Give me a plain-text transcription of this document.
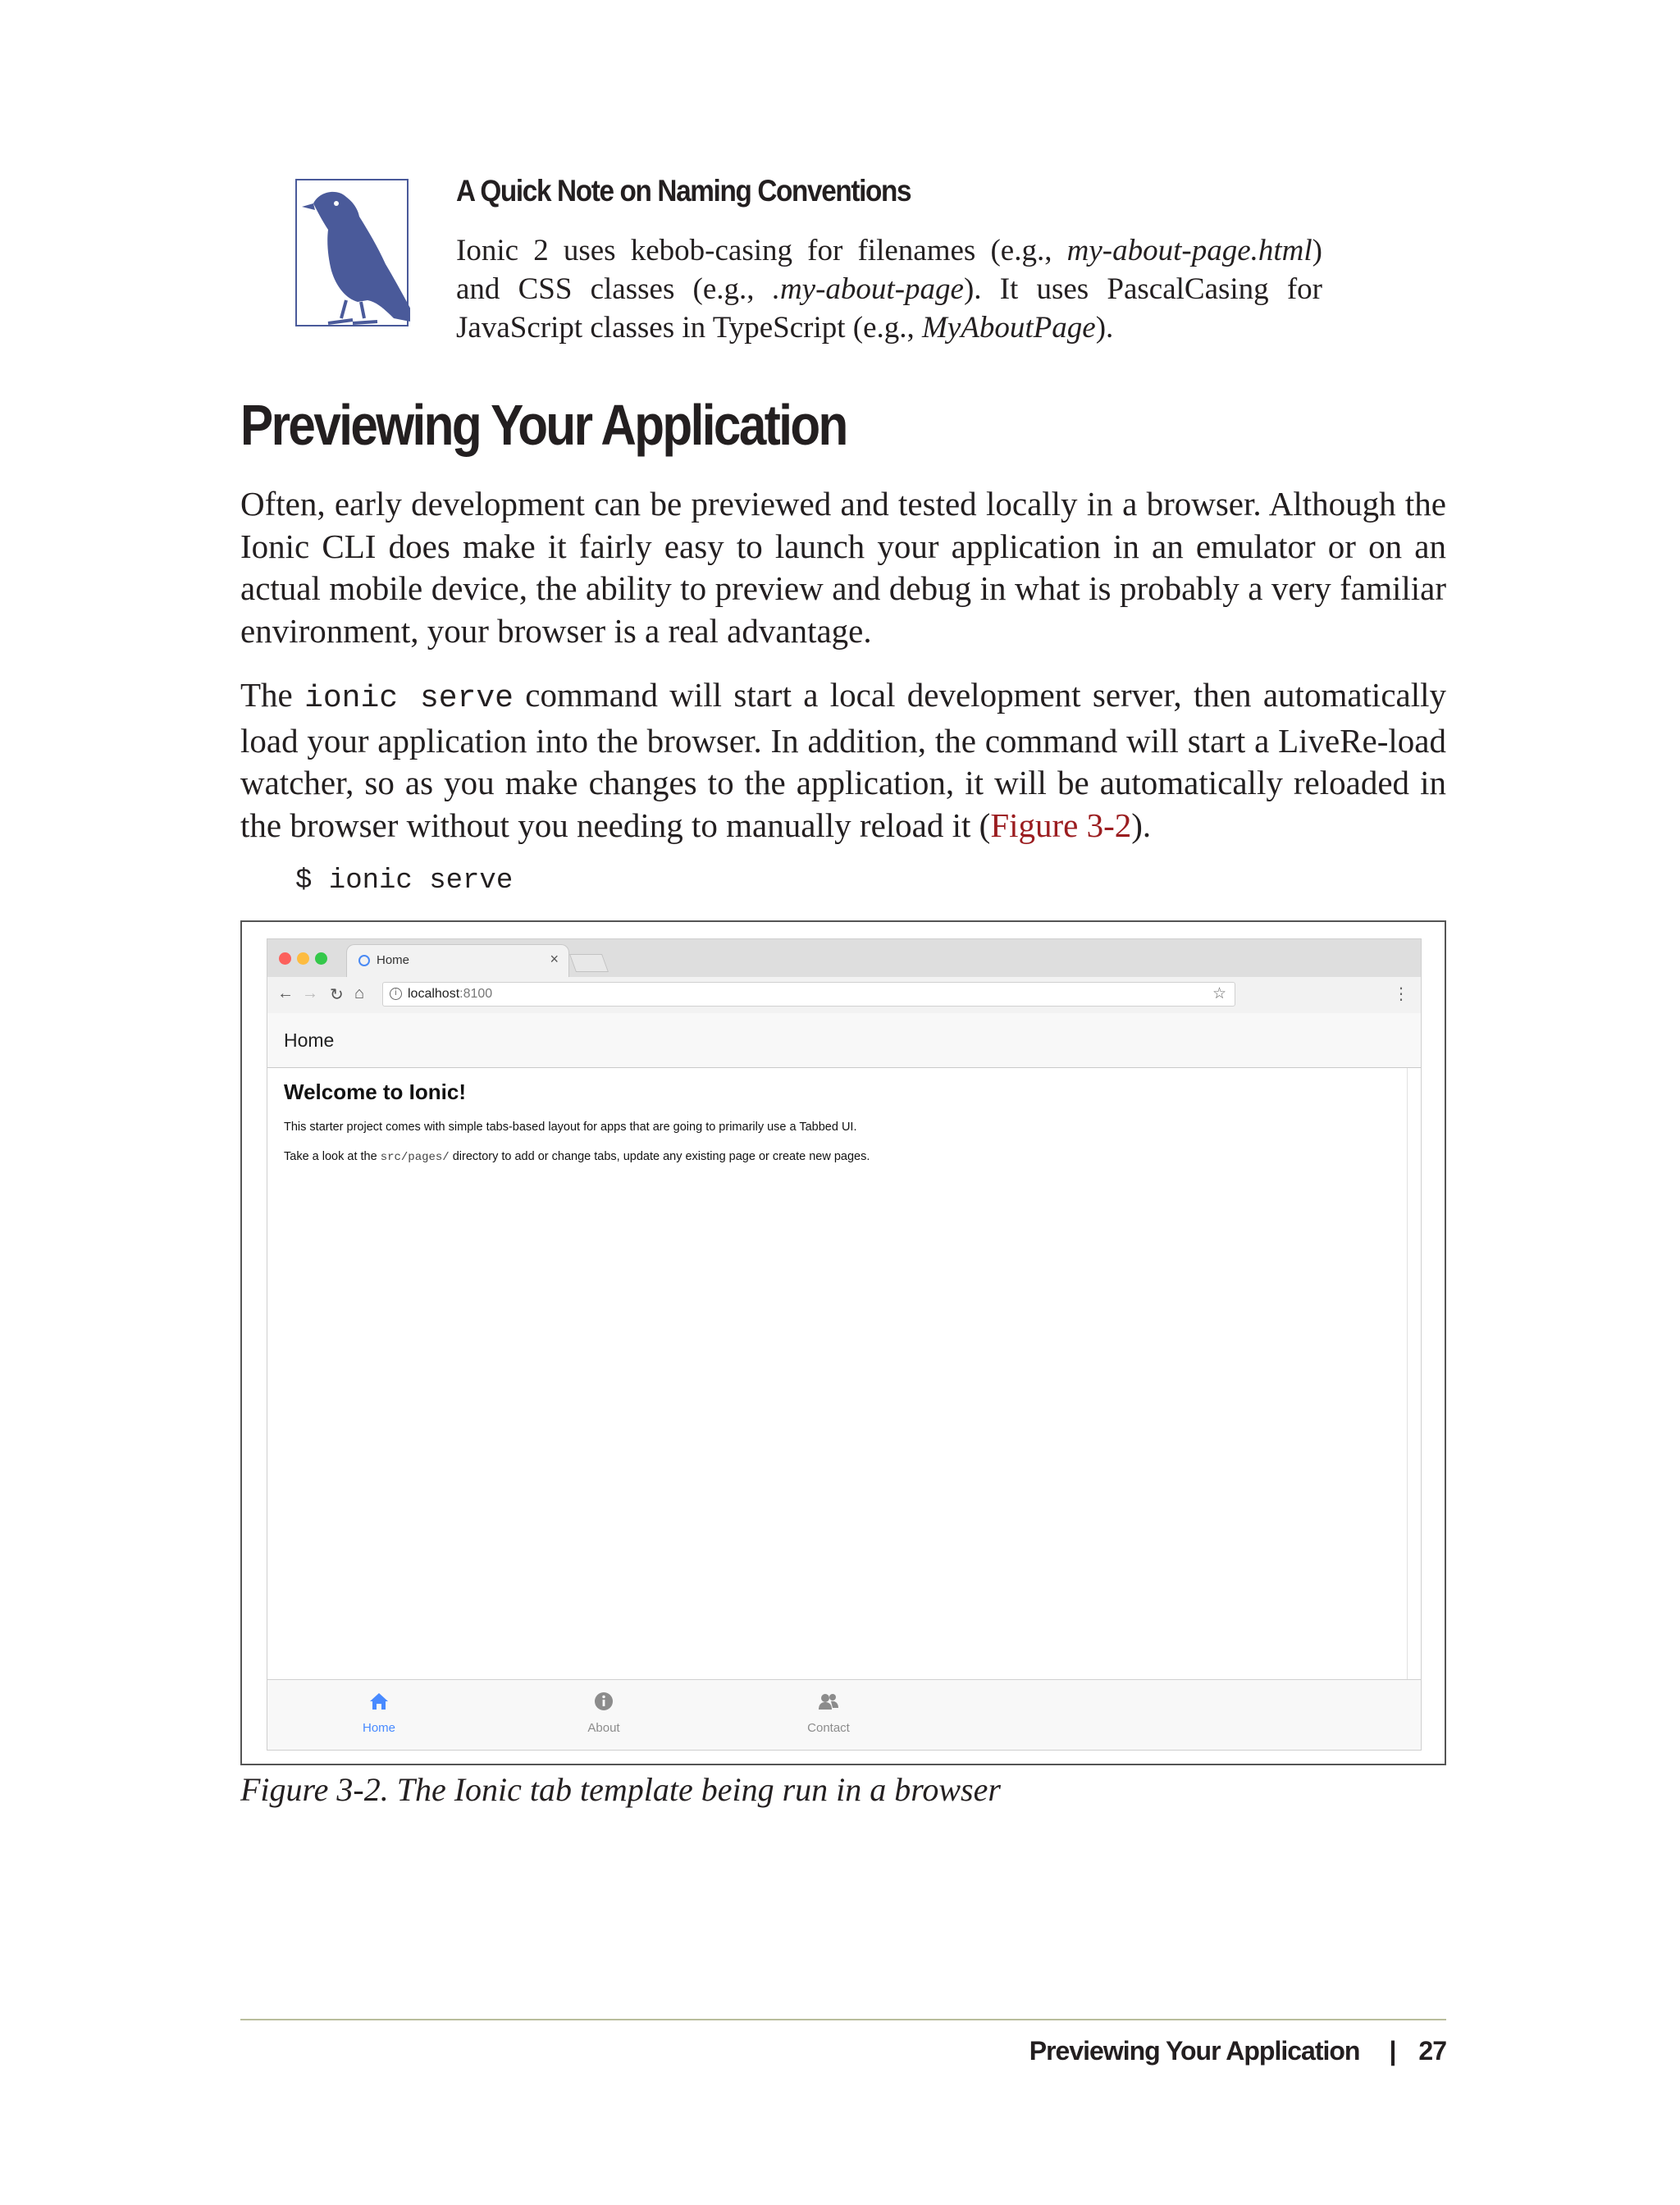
A Quick Note on Naming Conventions

Ionic 2 uses kebob-casing for filenames (e.g., my-about-page.html) and CSS classes (e.g., .my-about-page). It uses PascalCasing for JavaScript classes in TypeScript (e.g., MyAboutPage).

Previewing Your Application

Often, early development can be previewed and tested locally in a browser. Although the Ionic CLI does make it fairly easy to launch your application in an emulator or on an actual mobile device, the ability to preview and debug in what is probably a very familiar environment, your browser is a real advantage.

The ionic serve command will start a local development server, then automatically load your application into the browser. In addition, the command will start a LiveRe‑load watcher, so as you make changes to the application, it will be automatically reloaded in the browser without you needing to manually reload it (Figure 3-2).

$ ionic serve
Home	×
← → ↻ ⌂	i localhost:8100	☆	⋮
Home
Welcome to Ionic!
This starter project comes with simple tabs-based layout for apps that are going to primarily use a Tabbed UI.
Take a look at the src/pages/ directory to add or change tabs, update any existing page or create new pages.
Home	About	Contact

Figure 3-2. The Ionic tab template being run in a browser

Previewing Your Application | 27
